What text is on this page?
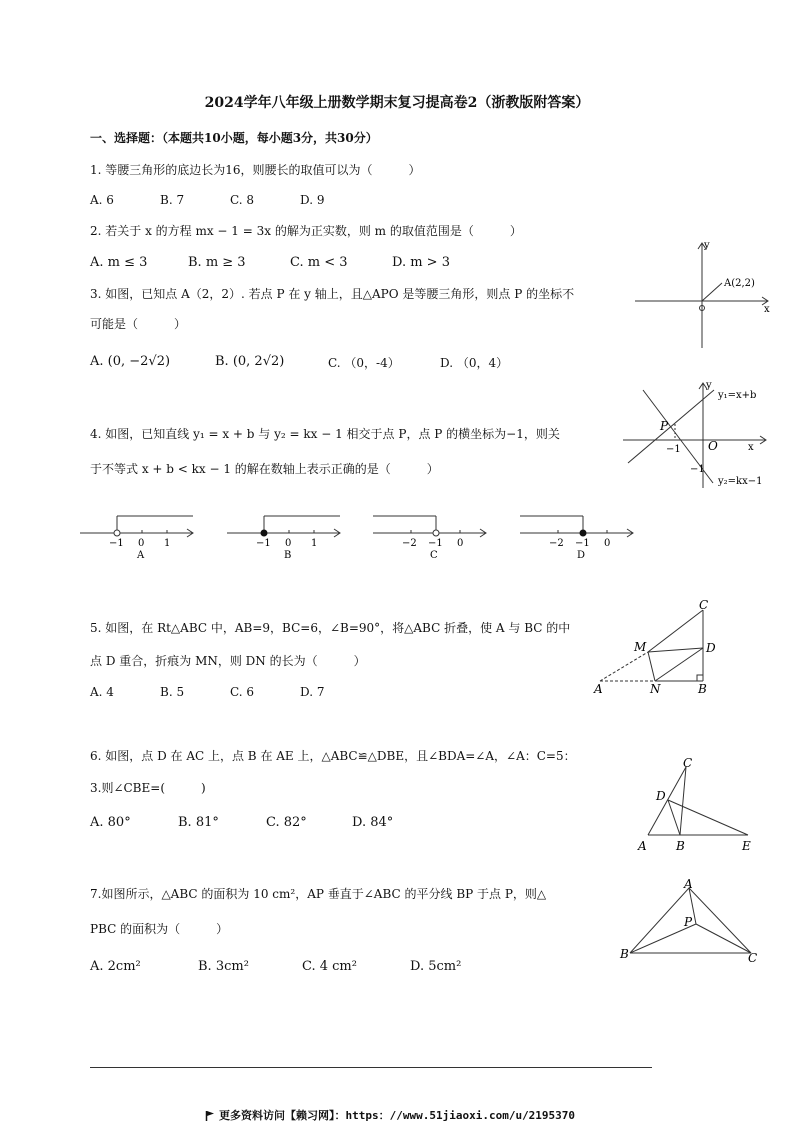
2024学年八年级上册数学期末复习提高卷2（浙教版附答案）
一、选择题：（本题共10小题，每小题3分，共30分）
1. 等腰三角形的底边长为16，则腰长的取值可以为（　　　）
A. 6	B. 7	C. 8	D. 9
2. 若关于 x 的方程 mx − 1 = 3x 的解为正实数，则 m 的取值范围是（　　　）
A. m ≤ 3	B. m ≥ 3	C. m < 3	D. m > 3
3. 如图，已知点 A（2，2）. 若点 P 在 y 轴上，且△APO 是等腰三角形，则点 P 的坐标不
可能是（　　　）
A. (0, −2√2)	B. (0, 2√2)	C. （0，-4）	D. （0，4）
y
x
A(2,2)
y
x
O
P
−1
−1
y₁=x+b
y₂=kx−1
4. 如图，已知直线 y₁ = x + b 与 y₂ = kx − 1 相交于点 P，点 P 的横坐标为−1，则关
于不等式 x + b < kx − 1 的解在数轴上表示正确的是（　　　）
−1 0 1
A
−1 0 1
B
−2 −1 0
C
−2 −1 0
D
5. 如图，在 Rt△ABC 中，AB=9，BC=6，∠B=90°，将△ABC 折叠，使 A 与 BC 的中
点 D 重合，折痕为 MN，则 DN 的长为（　　　）
A. 4	B. 5	C. 6	D. 7
C
M	D
A	N	B
6. 如图，点 D 在 AC 上，点 B 在 AE 上，△ABC≌△DBE，且∠BDA=∠A，∠A：C=5：
3.则∠CBE=(　　　)
A. 80°	B. 81°	C. 82°	D. 84°
C
D
A B	E
7.如图所示，△ABC 的面积为 10 cm²，AP 垂直于∠ABC 的平分线 BP 于点 P，则△
PBC 的面积为（　　　）
A. 2cm²	B. 3cm²	C. 4 cm²	D. 5cm²
A
P
B	C
更多资料访问【赖习网】：https：//www.51jiaoxi.com/u/2195370
